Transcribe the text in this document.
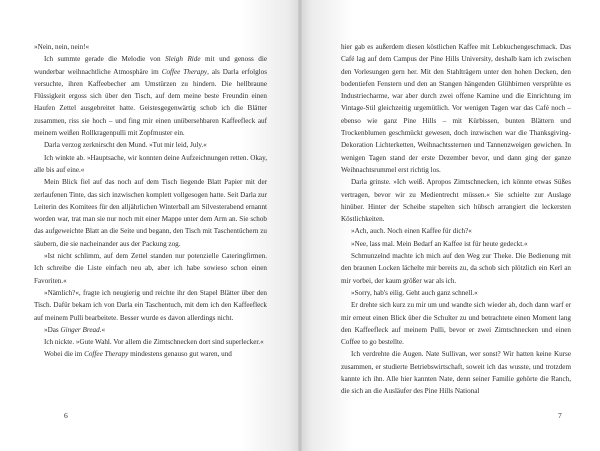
»Nein, nein, nein!«

Ich summte gerade die Melodie von Sleigh Ride mit und genoss die wunderbar weihnachtliche Atmosphäre im Coffee Therapy, als Darla erfolglos versuchte, ihren Kaffeebecher am Umstürzen zu hindern. Die hellbraune Flüssigkeit ergoss sich über den Tisch, auf dem meine beste Freundin einen Haufen Zettel ausgebreitet hatte. Geistesgegenwärtig schob ich die Blätter zusammen, riss sie hoch – und fing mir einen unübersehbaren Kaffeefleck auf meinem weißen Rollkragenpulli mit Zopfmuster ein.

Darla verzog zerknirscht den Mund. »Tut mir leid, July.«

Ich winkte ab. »Hauptsache, wir konnten deine Aufzeichnungen retten. Okay, alle bis auf eine.«

Mein Blick fiel auf das noch auf dem Tisch liegende Blatt Papier mit der zerlaufenen Tinte, das sich inzwischen komplett vollgesogen hatte. Seit Darla zur Leiterin des Komitees für den alljährlichen Winterball am Silvesterabend ernannt worden war, trat man sie nur noch mit einer Mappe unter dem Arm an. Sie schob das aufgeweichte Blatt an die Seite und begann, den Tisch mit Taschentüchern zu säubern, die sie nacheinander aus der Packung zog.

»Ist nicht schlimm, auf dem Zettel standen nur potenzielle Cateringfirmen. Ich schreibe die Liste einfach neu ab, aber ich habe sowieso schon einen Favoriten.«

»Nämlich?«, fragte ich neugierig und reichte ihr den Stapel Blätter über den Tisch. Dafür bekam ich von Darla ein Taschentuch, mit dem ich den Kaffeefleck auf meinem Pulli bearbeitete. Besser wurde es davon allerdings nicht.

»Das Ginger Bread.«

Ich nickte. »Gute Wahl. Vor allem die Zimtschnecken dort sind superlecker.«

Wobei die im Coffee Therapy mindestens genauso gut waren, und

6

hier gab es außerdem diesen köstlichen Kaffee mit Lebkuchengeschmack. Das Café lag auf dem Campus der Pine Hills University, deshalb kam ich zwischen den Vorlesungen gern her. Mit den Stahlträgern unter den hohen Decken, den bodentiefen Fenstern und den an Stangen hängenden Glühbirnen versprühte es Industriecharme, war aber durch zwei offene Kamine und die Einrichtung im Vintage-Stil gleichzeitig urgemütlich. Vor wenigen Tagen war das Café noch – ebenso wie ganz Pine Hills – mit Kürbissen, bunten Blättern und Trockenblumen geschmückt gewesen, doch inzwischen war die Thanksgiving-Dekoration Lichterketten, Weihnachtssternen und Tannenzweigen gewichen. In wenigen Tagen stand der erste Dezember bevor, und dann ging der ganze Weihnachtsrummel erst richtig los.

Darla grinste. »Ich weiß. Apropos Zimtschnecken, ich könnte etwas Süßes vertragen, bevor wir zu Medientrecht müssen.« Sie schielte zur Auslage hinüber. Hinter der Scheibe stapelten sich hübsch arrangiert die leckersten Köstlichkeiten.

»Ach, auch. Noch einen Kaffee für dich?«

»Nee, lass mal. Mein Bedarf an Kaffee ist für heute gedeckt.«

Schmunzelnd machte ich mich auf den Weg zur Theke. Die Bedienung mit den braunen Locken lächelte mir bereits zu, da schob sich plötzlich ein Kerl an mir vorbei, der kaum größer war als ich.

»Sorry, hab's eilig. Geht auch ganz schnell.«

Er drehte sich kurz zu mir um und wandte sich wieder ab, doch dann warf er mir erneut einen Blick über die Schulter zu und betrachtete einen Moment lang den Kaffeefleck auf meinem Pulli, bevor er zwei Zimtschnecken und einen Coffee to go bestellte.

Ich verdrehte die Augen. Nate Sullivan, wer sonst? Wir hatten keine Kurse zusammen, er studierte Betriebswirtschaft, soweit ich das wusste, und trotzdem kannte ich ihn. Alle hier kannten Nate, denn seiner Familie gehörte die Ranch, die sich an die Ausläufer des Pine Hills National

7
